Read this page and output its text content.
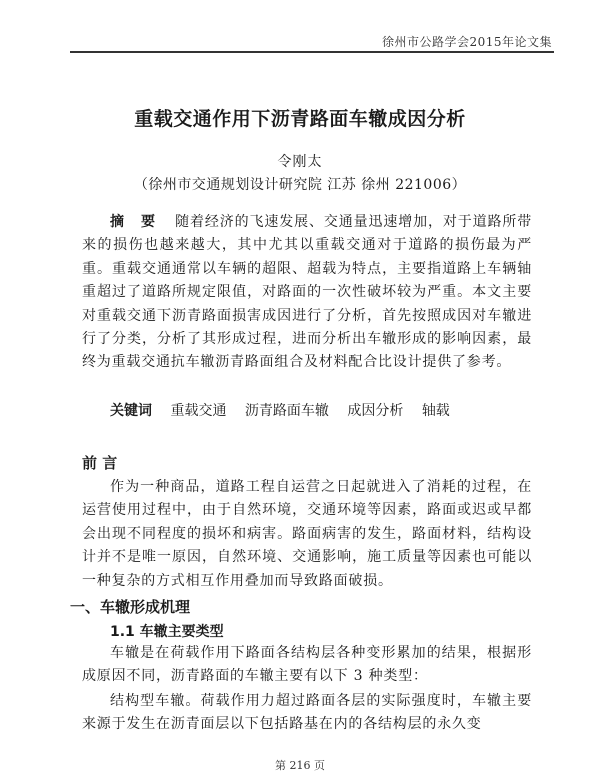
徐州市公路学会2015年论文集
重载交通作用下沥青路面车辙成因分析
令刚太
（徐州市交通规划设计研究院 江苏 徐州 221006）

摘 要 随着经济的飞速发展、交通量迅速增加，对于道路所带来的损伤也越来越大，其中尤其以重载交通对于道路的损伤最为严重。重载交通通常以车辆的超限、超载为特点，主要指道路上车辆轴重超过了道路所规定限值，对路面的一次性破坏较为严重。本文主要对重载交通下沥青路面损害成因进行了分析，首先按照成因对车辙进行了分类，分析了其形成过程，进而分析出车辙形成的影响因素，最终为重载交通抗车辙沥青路面组合及材料配合比设计提供了参考。

关键词 重载交通 沥青路面车辙 成因分析 轴载
前 言

作为一种商品，道路工程自运营之日起就进入了消耗的过程，在运营使用过程中，由于自然环境，交通环境等因素，路面或迟或早都会出现不同程度的损坏和病害。路面病害的发生，路面材料，结构设计并不是唯一原因，自然环境、交通影响，施工质量等因素也可能以一种复杂的方式相互作用叠加而导致路面破损。

一、车辙形成机理
1.1 车辙主要类型

车辙是在荷载作用下路面各结构层各种变形累加的结果，根据形成原因不同，沥青路面的车辙主要有以下 3 种类型：

结构型车辙。荷载作用力超过路面各层的实际强度时，车辙主要来源于发生在沥青面层以下包括路基在内的各结构层的永久变

第 216 页
